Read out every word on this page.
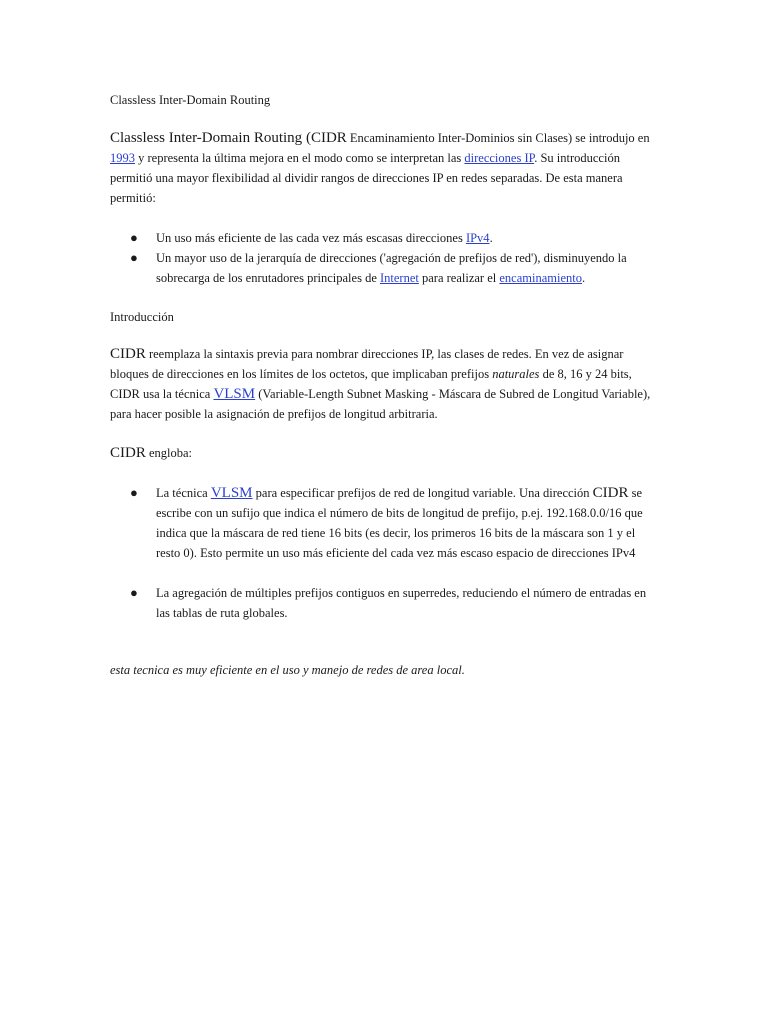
Classless Inter-Domain Routing

Classless Inter-Domain Routing (CIDR Encaminamiento Inter-Dominios sin Clases) se introdujo en 1993 y representa la última mejora en el modo como se interpretan las direcciones IP. Su introducción permitió una mayor flexibilidad al dividir rangos de direcciones IP en redes separadas. De esta manera permitió:

● Un uso más eficiente de las cada vez más escasas direcciones IPv4.
● Un mayor uso de la jerarquía de direcciones ('agregación de prefijos de red'), disminuyendo la sobrecarga de los enrutadores principales de Internet para realizar el encaminamiento.

Introducción

CIDR reemplaza la sintaxis previa para nombrar direcciones IP, las clases de redes. En vez de asignar bloques de direcciones en los límites de los octetos, que implicaban prefijos naturales de 8, 16 y 24 bits, CIDR usa la técnica VLSM (Variable-Length Subnet Masking - Máscara de Subred de Longitud Variable), para hacer posible la asignación de prefijos de longitud arbitraria.

CIDR engloba:

● La técnica VLSM para especificar prefijos de red de longitud variable. Una dirección CIDR se escribe con un sufijo que indica el número de bits de longitud de prefijo, p.ej. 192.168.0.0/16 que indica que la máscara de red tiene 16 bits (es decir, los primeros 16 bits de la máscara son 1 y el resto 0). Esto permite un uso más eficiente del cada vez más escaso espacio de direcciones IPv4
● La agregación de múltiples prefijos contiguos en superredes, reduciendo el número de entradas en las tablas de ruta globales.

esta tecnica es muy eficiente en el uso y manejo de redes de area local.
